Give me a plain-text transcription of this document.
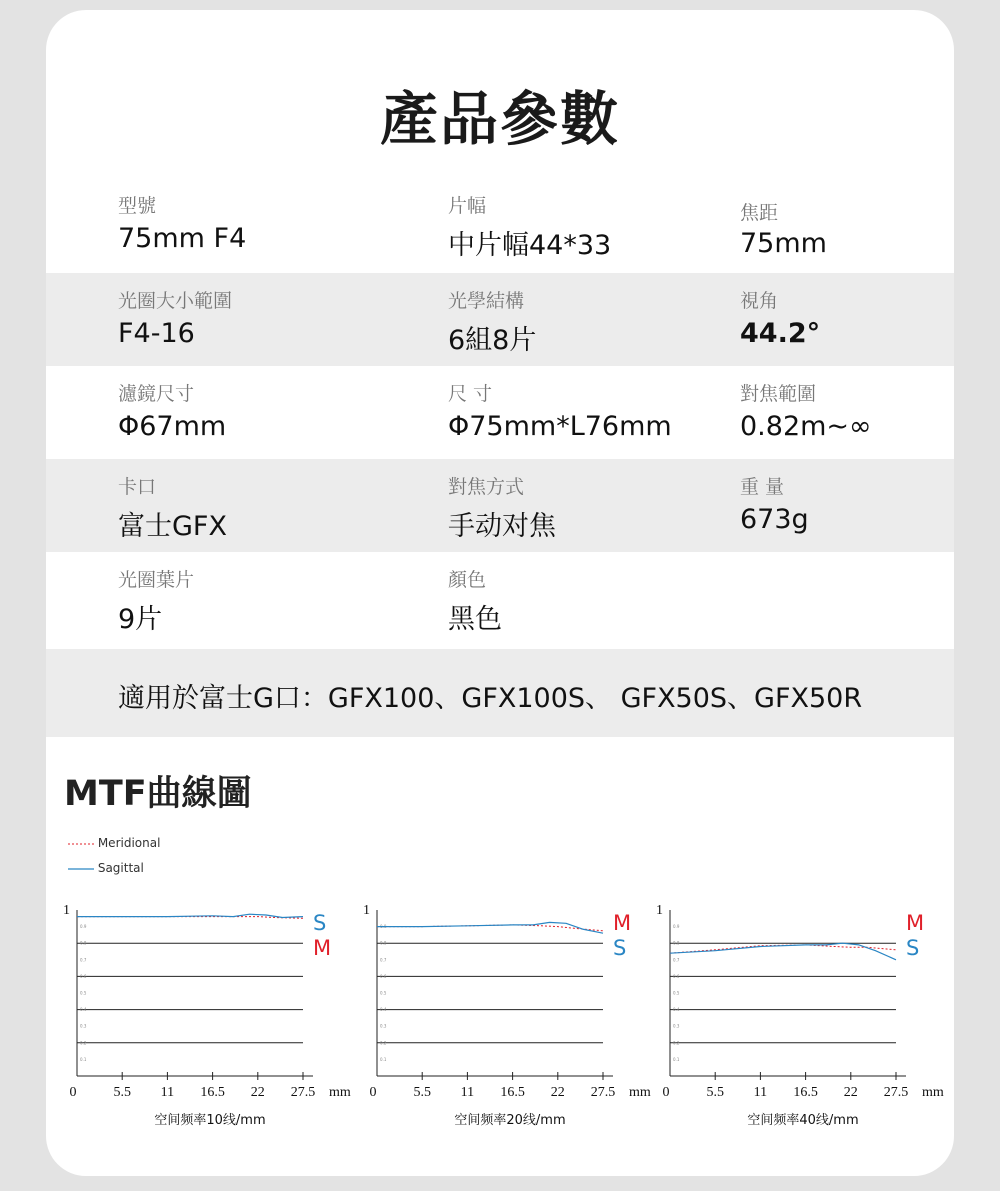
產品參數
型號
75mm F4
片幅
中片幅44*33
焦距
75mm
光圈大小範圍
F4-16
光學結構
6組8片
視角
44.2°
濾鏡尺寸
Φ67mm
尺 寸
Φ75mm*L76mm
對焦範圍
0.82m~∞
卡口
富士GFX
對焦方式
手动对焦
重 量
673g
光圈葉片
9片
顏色
黑色
適用於富士G口：GFX100、GFX100S、 GFX50S、GFX50R
MTF曲線圖
Meridional
Sagittal
1
0.9
0.8
0.7
0.6
0.5
0.4
0.3
0.2
0.1
0	5.5 11 16.5 22 27.5 mm
S
M
空间频率10线/mm
1
0.9
0.8
0.7
0.6
0.5
0.4
0.3
0.2
0.1
0	5.5 11 16.5 22 27.5 mm
M
S
空间频率20线/mm
1
0.9
0.8
0.7
0.6
0.5
0.4
0.3
0.2
0.1
0	5.5 11 16.5 22 27.5 mm
M
S
空间频率40线/mm
